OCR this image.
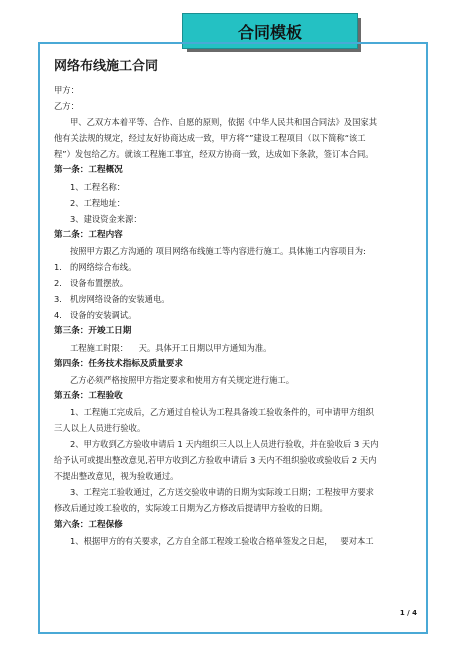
合同模板

网络布线施工合同

甲方：

乙方：

甲、乙双方本着平等、合作、自愿的原则，依据《中华人民共和国合同法》及国家其

他有关法规的规定，经过友好协商达成一致，甲方将“”建设工程项目（以下简称“该工

程”）发包给乙方。就该工程施工事宜，经双方协商一致，达成如下条款，签订本合同。

第一条：工程概况

1、工程名称：

2、工程地址：

3、建设资金来源：

第二条：工程内容

按照甲方跟乙方沟通的 项目网络布线施工等内容进行施工。具体施工内容项目为:

1. 的网络综合布线。
2. 设备布置摆放。
3. 机房网络设备的安装通电。
4. 设备的安装调试。

第三条：开竣工日期

工程施工时限：    天。具体开工日期以甲方通知为准。

第四条：任务技术指标及质量要求

乙方必须严格按照甲方指定要求和使用方有关规定进行施工。

第五条：工程验收

1、工程施工完成后，乙方通过自检认为工程具备竣工验收条件的，可申请甲方组织

三人以上人员进行验收。

2、甲方收到乙方验收申请后 1 天内组织三人以上人员进行验收，并在验收后 3 天内

给予认可或提出整改意见,若甲方收到乙方验收申请后 3 天内不组织验收或验收后 2 天内

不提出整改意见，视为验收通过。

3、工程完工验收通过，乙方送交验收申请的日期为实际竣工日期；工程按甲方要求

修改后通过竣工验收的，实际竣工日期为乙方修改后提请甲方验收的日期。

第六条：工程保修

1、根据甲方的有关要求，乙方自全部工程竣工验收合格单签发之日起，   要对本工

1 / 4
